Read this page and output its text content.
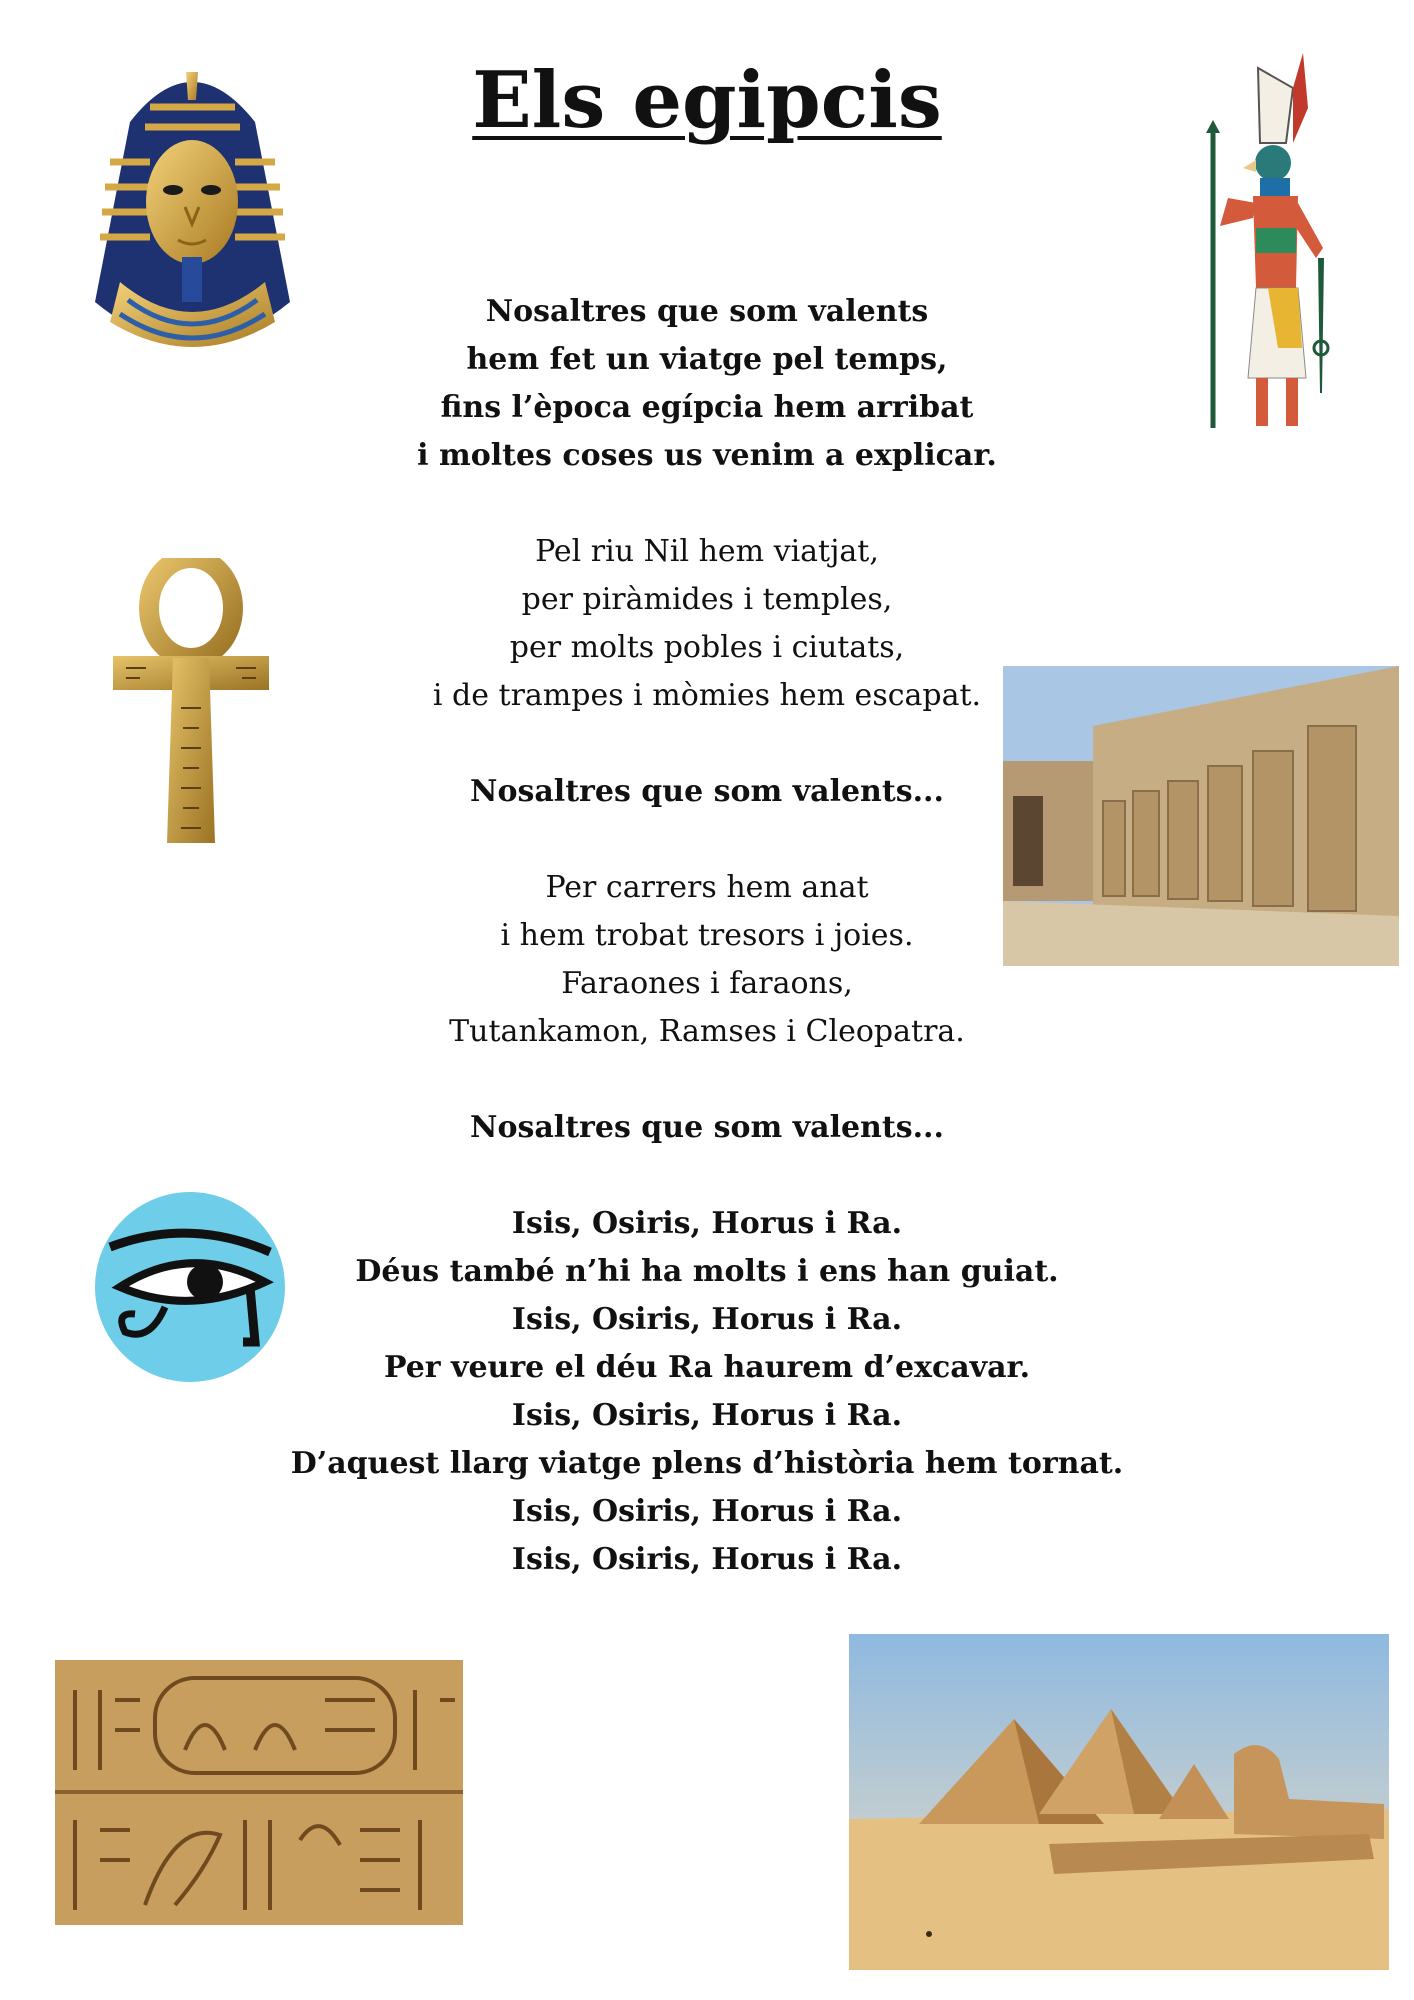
Els egipcis
Nosaltres que som valents
hem fet un viatge pel temps,
fins l’època egípcia hem arribat
i moltes coses us venim a explicar.
Pel riu Nil hem viatjat,
per piràmides i temples,
per molts pobles i ciutats,
i de trampes i mòmies hem escapat.
Nosaltres que som valents...
Per carrers hem anat
i hem trobat tresors i joies.
Faraones i faraons,
Tutankamon, Ramses i Cleopatra.
Nosaltres que som valents...
Isis, Osiris, Horus i Ra.
Déus també n’hi ha molts i ens han guiat.
Isis, Osiris, Horus i Ra.
Per veure el déu Ra haurem d’excavar.
Isis, Osiris, Horus i Ra.
D’aquest llarg viatge plens d’història hem tornat.
Isis, Osiris, Horus i Ra.
Isis, Osiris, Horus i Ra.
